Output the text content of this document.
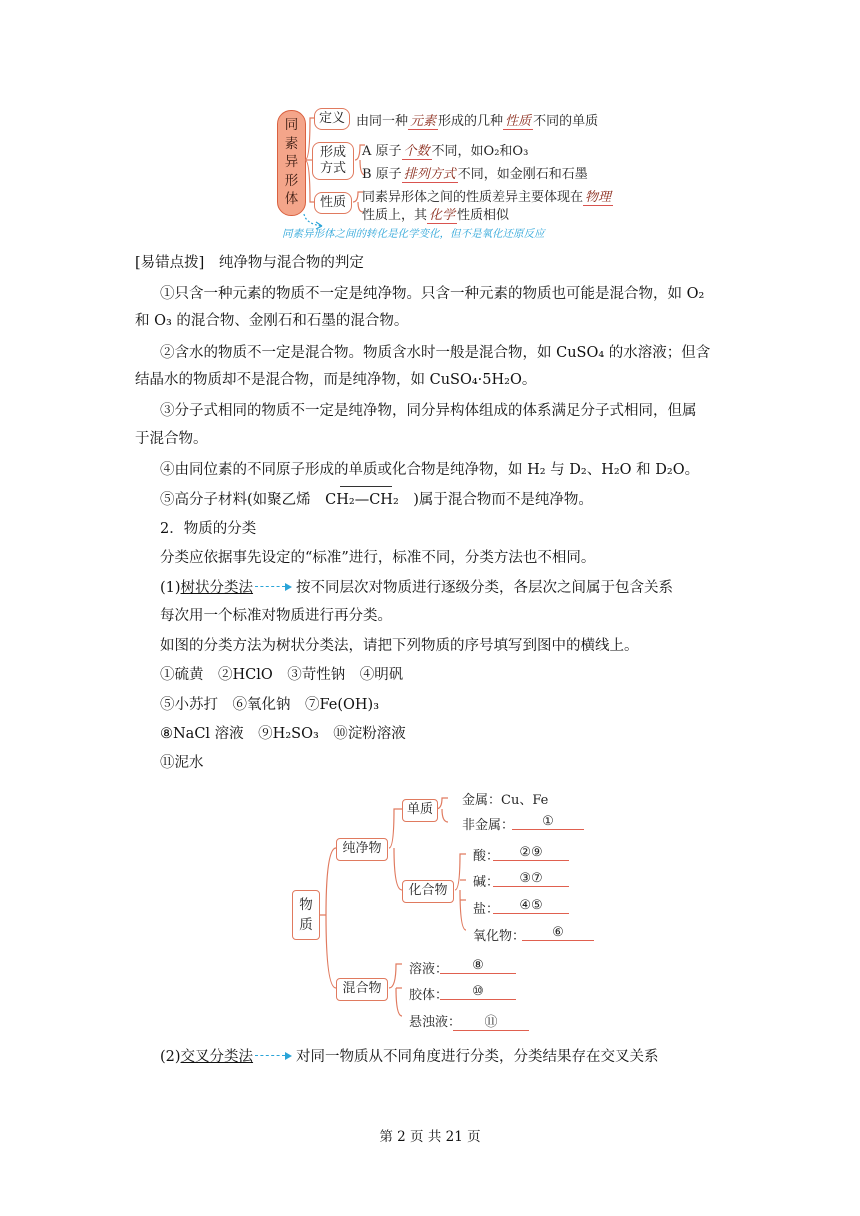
同
素
异
形
体
定义 由同一种 元素 形成的几种 性质 不同的单质
形成
方式
A 原子 个数 不同，如O₂和O₃
B 原子 排列方式 不同，如金刚石和石墨
性质	同素异形体之间的性质差异主要体现在 物理
性质上，其 化学 性质相似
同素异形体之间的转化是化学变化，但不是氧化还原反应
[易错点拨]　纯净物与混合物的判定
①只含一种元素的物质不一定是纯净物。只含一种元素的物质也可能是混合物，如 O₂
和 O₃ 的混合物、金刚石和石墨的混合物。
②含水的物质不一定是混合物。物质含水时一般是混合物，如 CuSO₄ 的水溶液；但含
结晶水的物质却不是混合物，而是纯净物，如 CuSO₄·5H₂O。
③分子式相同的物质不一定是纯净物，同分异构体组成的体系满足分子式相同，但属
于混合物。
④由同位素的不同原子形成的单质或化合物是纯净物，如 H₂ 与 D₂、H₂O 和 D₂O。
⑤高分子材料(如聚乙烯　CH₂—CH₂　)属于混合物而不是纯净物。
2．物质的分类
分类应依据事先设定的“标准”进行，标准不同，分类方法也不相同。
(1)树状分类法	按不同层次对物质进行逐级分类，各层次之间属于包含关系
每次用一个标准对物质进行再分类。
如图的分类方法为树状分类法，请把下列物质的序号填写到图中的横线上。
①硫黄　②HClO　③苛性钠　④明矾
⑤小苏打　⑥氧化钠　⑦Fe(OH)₃
⑧NaCl 溶液　⑨H₂SO₃　⑩淀粉溶液
⑪泥水
物
质
纯净物
混合物
单质
化合物
金属：Cu、Fe
非金属：	①
酸：	②⑨
碱：	③⑦
盐：	④⑤
氧化物：	⑥
溶液：	⑧
胶体：	⑩
悬浊液：	⑪
(2)交叉分类法	对同一物质从不同角度进行分类，分类结果存在交叉关系
第 2 页 共 21 页
